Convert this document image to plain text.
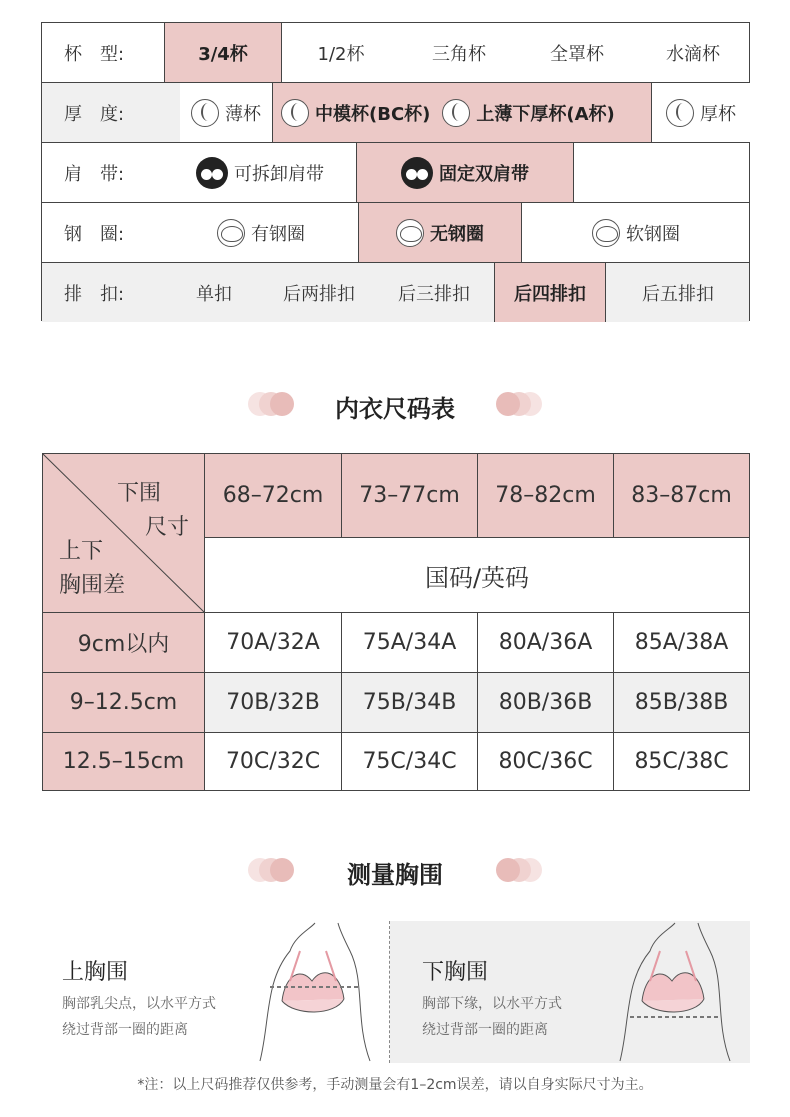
杯　型:	3/4杯	1/2杯	三角杯	全罩杯	水滴杯
厚　度:	薄杯	中模杯(BC杯)	上薄下厚杯(A杯)	厚杯
肩　带:	可拆卸肩带	固定双肩带
钢　圈:	有钢圈	无钢圈	软钢圈
排　扣:	单扣	后两排扣	后三排扣	后四排扣	后五排扣
内衣尺码表
下围
尺寸
上下
胸围差
68–72cm	73–77cm	78–82cm	83–87cm
国码/英码
9cm以内	70A/32A	75A/34A	80A/36A	85A/38A
9–12.5cm	70B/32B	75B/34B	80B/36B	85B/38B
12.5–15cm	70C/32C	75C/34C	80C/36C	85C/38C
测量胸围
上胸围
胸部乳尖点，以水平方式
绕过背部一圈的距离
下胸围
胸部下缘，以水平方式
绕过背部一圈的距离
*注：以上尺码推荐仅供参考，手动测量会有1–2cm误差，请以自身实际尺寸为主。
